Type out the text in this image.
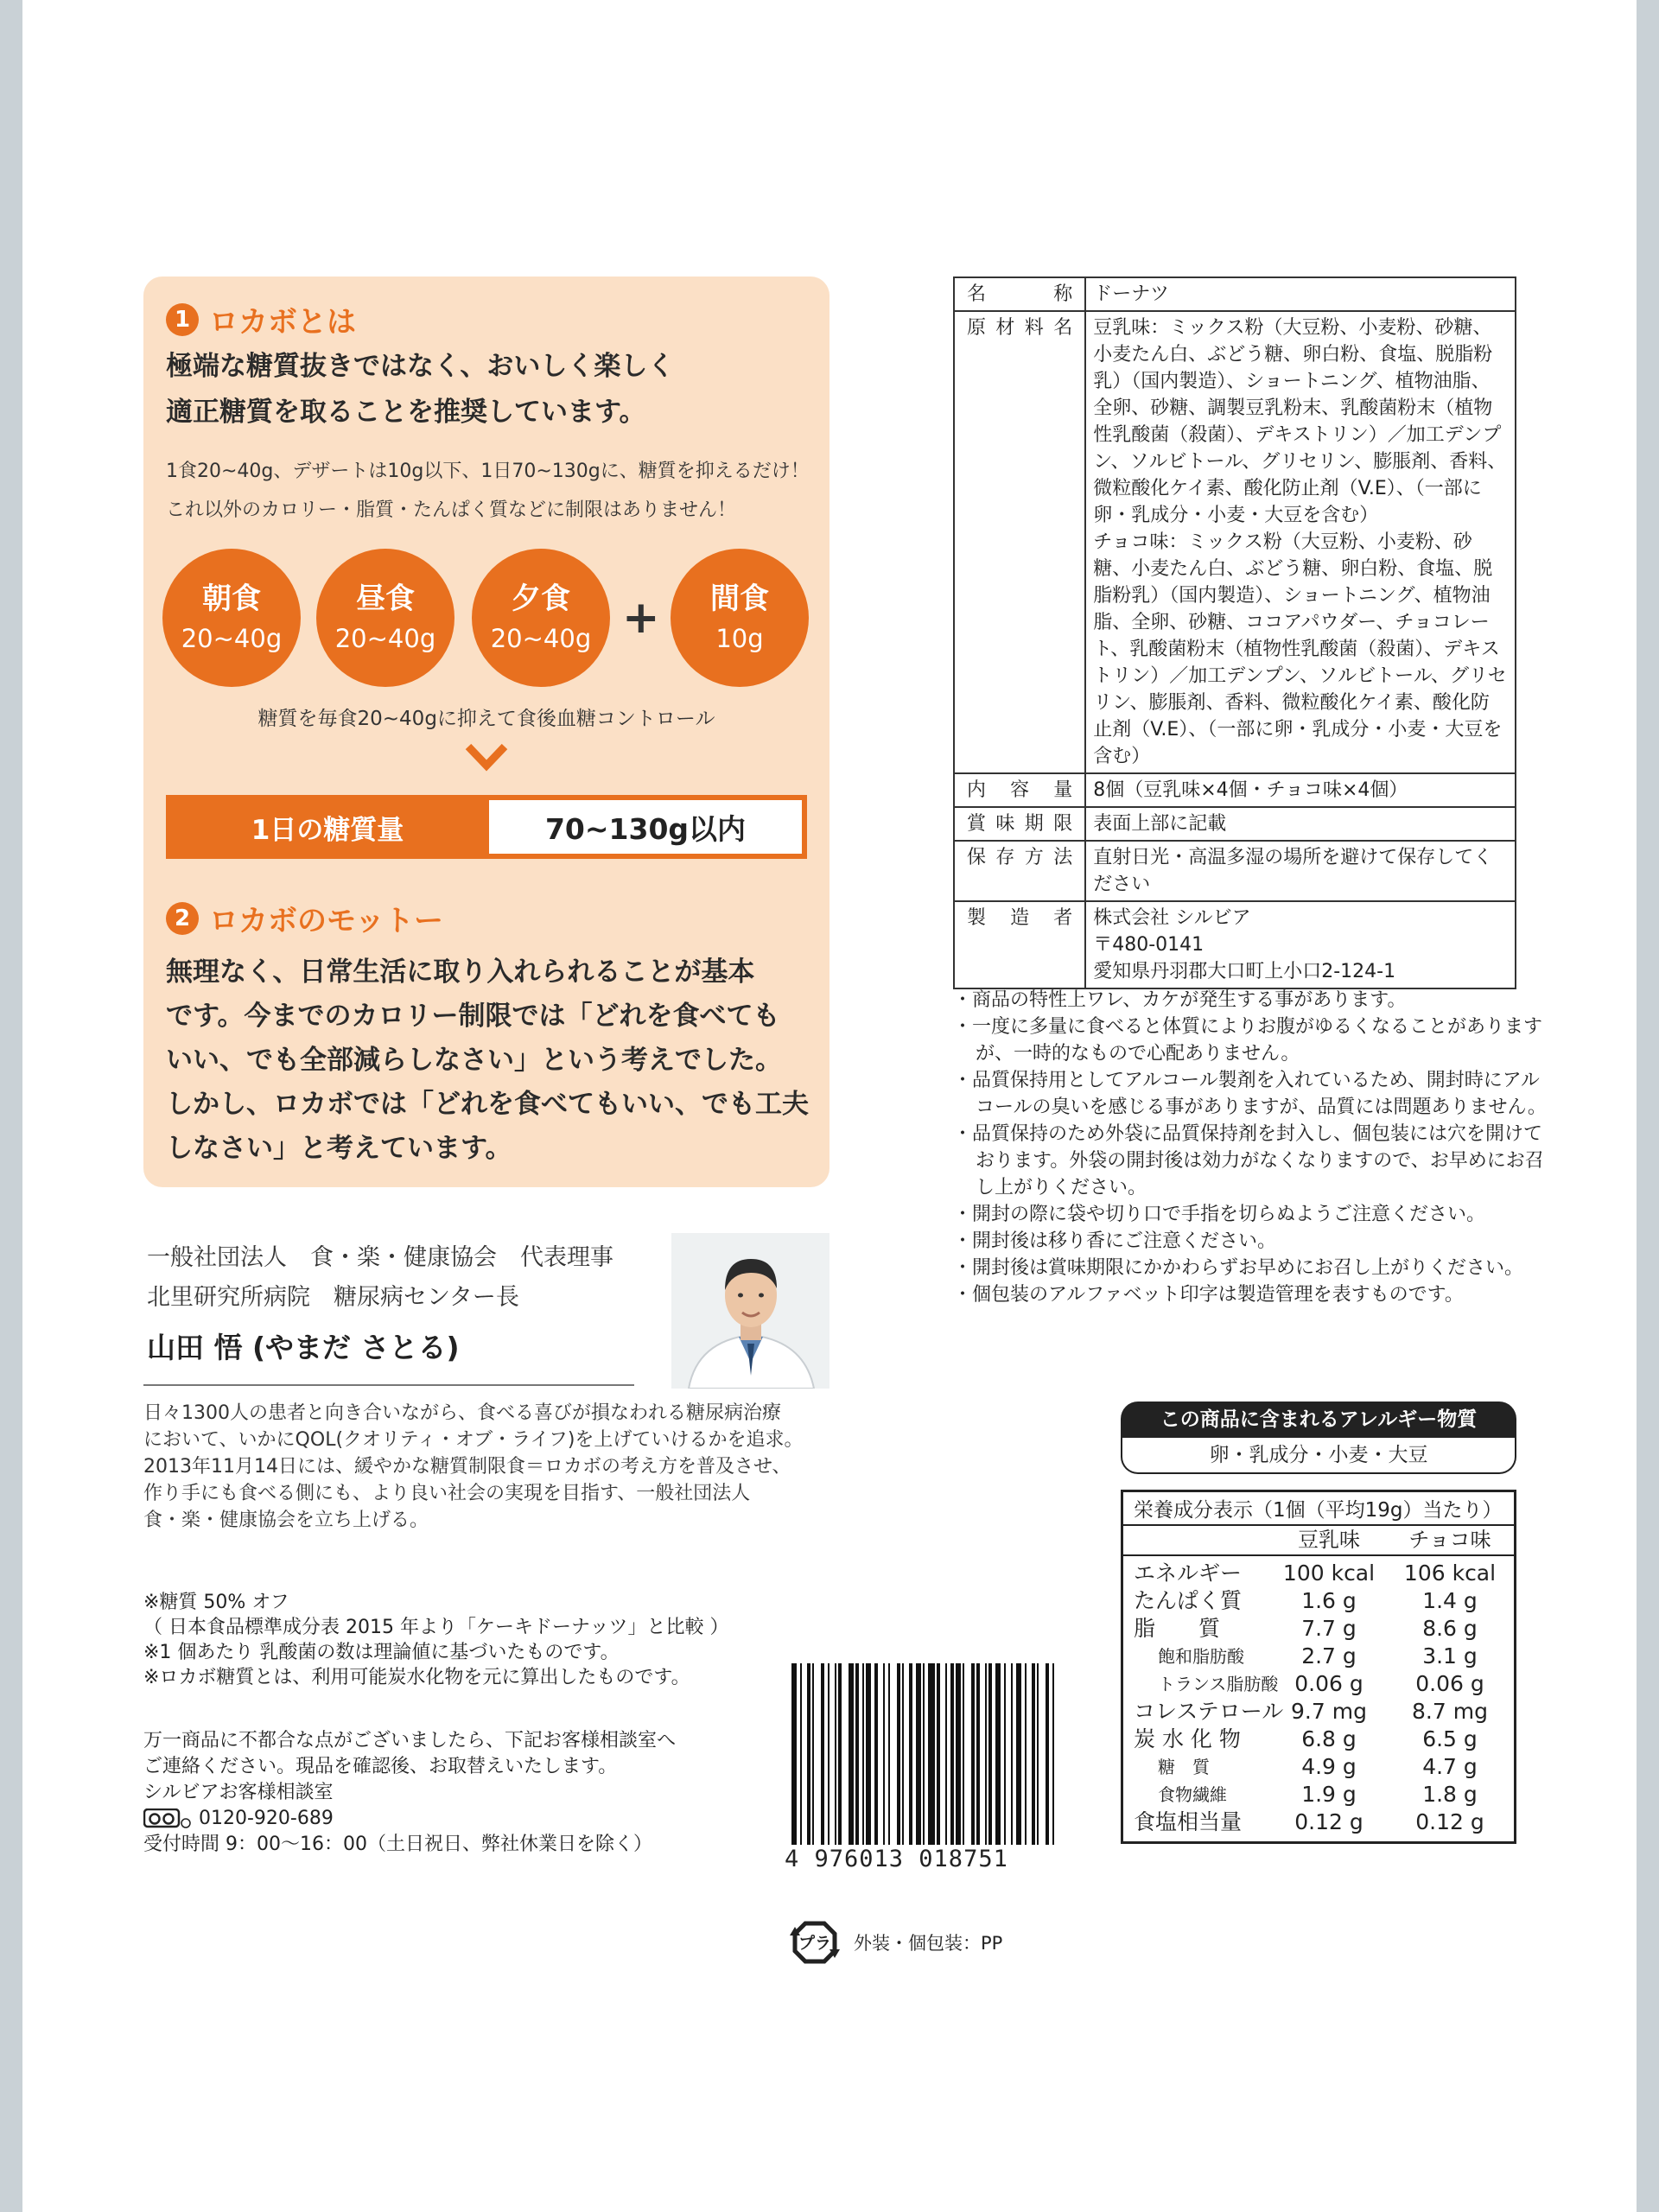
1 ロカボとは
極端な糖質抜きではなく、おいしく楽しく
適正糖質を取ることを推奨しています。
1食20~40g、デザートは10g以下、1日70~130gに、糖質を抑えるだけ！
これ以外のカロリー・脂質・たんぱく質などに制限はありません！
朝食
20~40g
昼食
20~40g
夕食
20~40g +	間食
10g
糖質を毎食20~40gに抑えて食後血糖コントロール
1日の糖質量	70~130g以内
2 ロカボのモットー
無理なく、日常生活に取り入れられることが基本
です。今までのカロリー制限では「どれを食べても
いい、でも全部減らしなさい」という考えでした。
しかし、ロカボでは「どれを食べてもいい、でも工夫
しなさい」と考えています。
一般社団法人　食・楽・健康協会　代表理事
北里研究所病院　糖尿病センター長
山田 悟 (やまだ さとる)
日々1300人の患者と向き合いながら、食べる喜びが損なわれる糖尿病治療
において、いかにQOL(クオリティ・オブ・ライフ)を上げていけるかを追求。
2013年11月14日には、緩やかな糖質制限食＝ロカボの考え方を普及させ、
作り手にも食べる側にも、より良い社会の実現を目指す、一般社団法人
食・楽・健康協会を立ち上げる。
※糖質 50% オフ
（ 日本食品標準成分表 2015 年より「ケーキドーナッツ」と比較 ）
※1 個あたり 乳酸菌の数は理論値に基づいたものです。
※ロカボ糖質とは、利用可能炭水化物を元に算出したものです。
万一商品に不都合な点がございましたら、下記お客様相談室へ
ご連絡ください。現品を確認後、お取替えいたします。
シルビアお客様相談室
0120-920-689
受付時間 9：00～16：00（土日祝日、弊社休業日を除く）
4 976013 018751
プラ 外装・個包装：PP
名称	ドーナツ
原材料名	豆乳味：ミックス粉（大豆粉、小麦粉、砂糖、小麦たん白、ぶどう糖、卵白粉、食塩、脱脂粉乳）（国内製造）、ショートニング、植物油脂、全卵、砂糖、調製豆乳粉末、乳酸菌粉末（植物性乳酸菌（殺菌）、デキストリン）／加工デンプン、ソルビトール、グリセリン、膨脹剤、香料、微粒酸化ケイ素、酸化防止剤（V.E）、（一部に卵・乳成分・小麦・大豆を含む）
チョコ味：ミックス粉（大豆粉、小麦粉、砂糖、小麦たん白、ぶどう糖、卵白粉、食塩、脱脂粉乳）（国内製造）、ショートニング、植物油脂、全卵、砂糖、ココアパウダー、チョコレート、乳酸菌粉末（植物性乳酸菌（殺菌）、デキストリン）／加工デンプン、ソルビトール、グリセリン、膨脹剤、香料、微粒酸化ケイ素、酸化防止剤（V.E）、（一部に卵・乳成分・小麦・大豆を含む）
内容量	8個（豆乳味×4個・チョコ味×4個）
賞味期限	表面上部に記載
保存方法	直射日光・高温多湿の場所を避けて保存してください
製造者	株式会社 シルビア
〒480-0141
愛知県丹羽郡大口町上小口2-124-1
・商品の特性上ワレ、カケが発生する事があります。
・一度に多量に食べると体質によりお腹がゆるくなることがありますが、一時的なもので心配ありません。
・品質保持用としてアルコール製剤を入れているため、開封時にアルコールの臭いを感じる事がありますが、品質には問題ありません。
・品質保持のため外袋に品質保持剤を封入し、個包装には穴を開けております。外袋の開封後は効力がなくなりますので、お早めにお召し上がりください。
・開封の際に袋や切り口で手指を切らぬようご注意ください。
・開封後は移り香にご注意ください。
・開封後は賞味期限にかかわらずお早めにお召し上がりください。
・個包装のアルファベット印字は製造管理を表すものです。
この商品に含まれるアレルギー物質
卵・乳成分・小麦・大豆
栄養成分表示（1個（平均19g）当たり）
豆乳味	チョコ味
エネルギー	100 kcal	106 kcal
たんぱく質	1.6 g	1.4 g
脂　　質	7.7 g	8.6 g
飽和脂肪酸	2.7 g	3.1 g
トランス脂肪酸 0.06 g	0.06 g
コレステロール 9.7 mg	8.7 mg
炭 水 化 物	6.8 g	6.5 g
糖　質	4.9 g	4.7 g
食物繊維	1.9 g	1.8 g
食塩相当量	0.12 g	0.12 g
